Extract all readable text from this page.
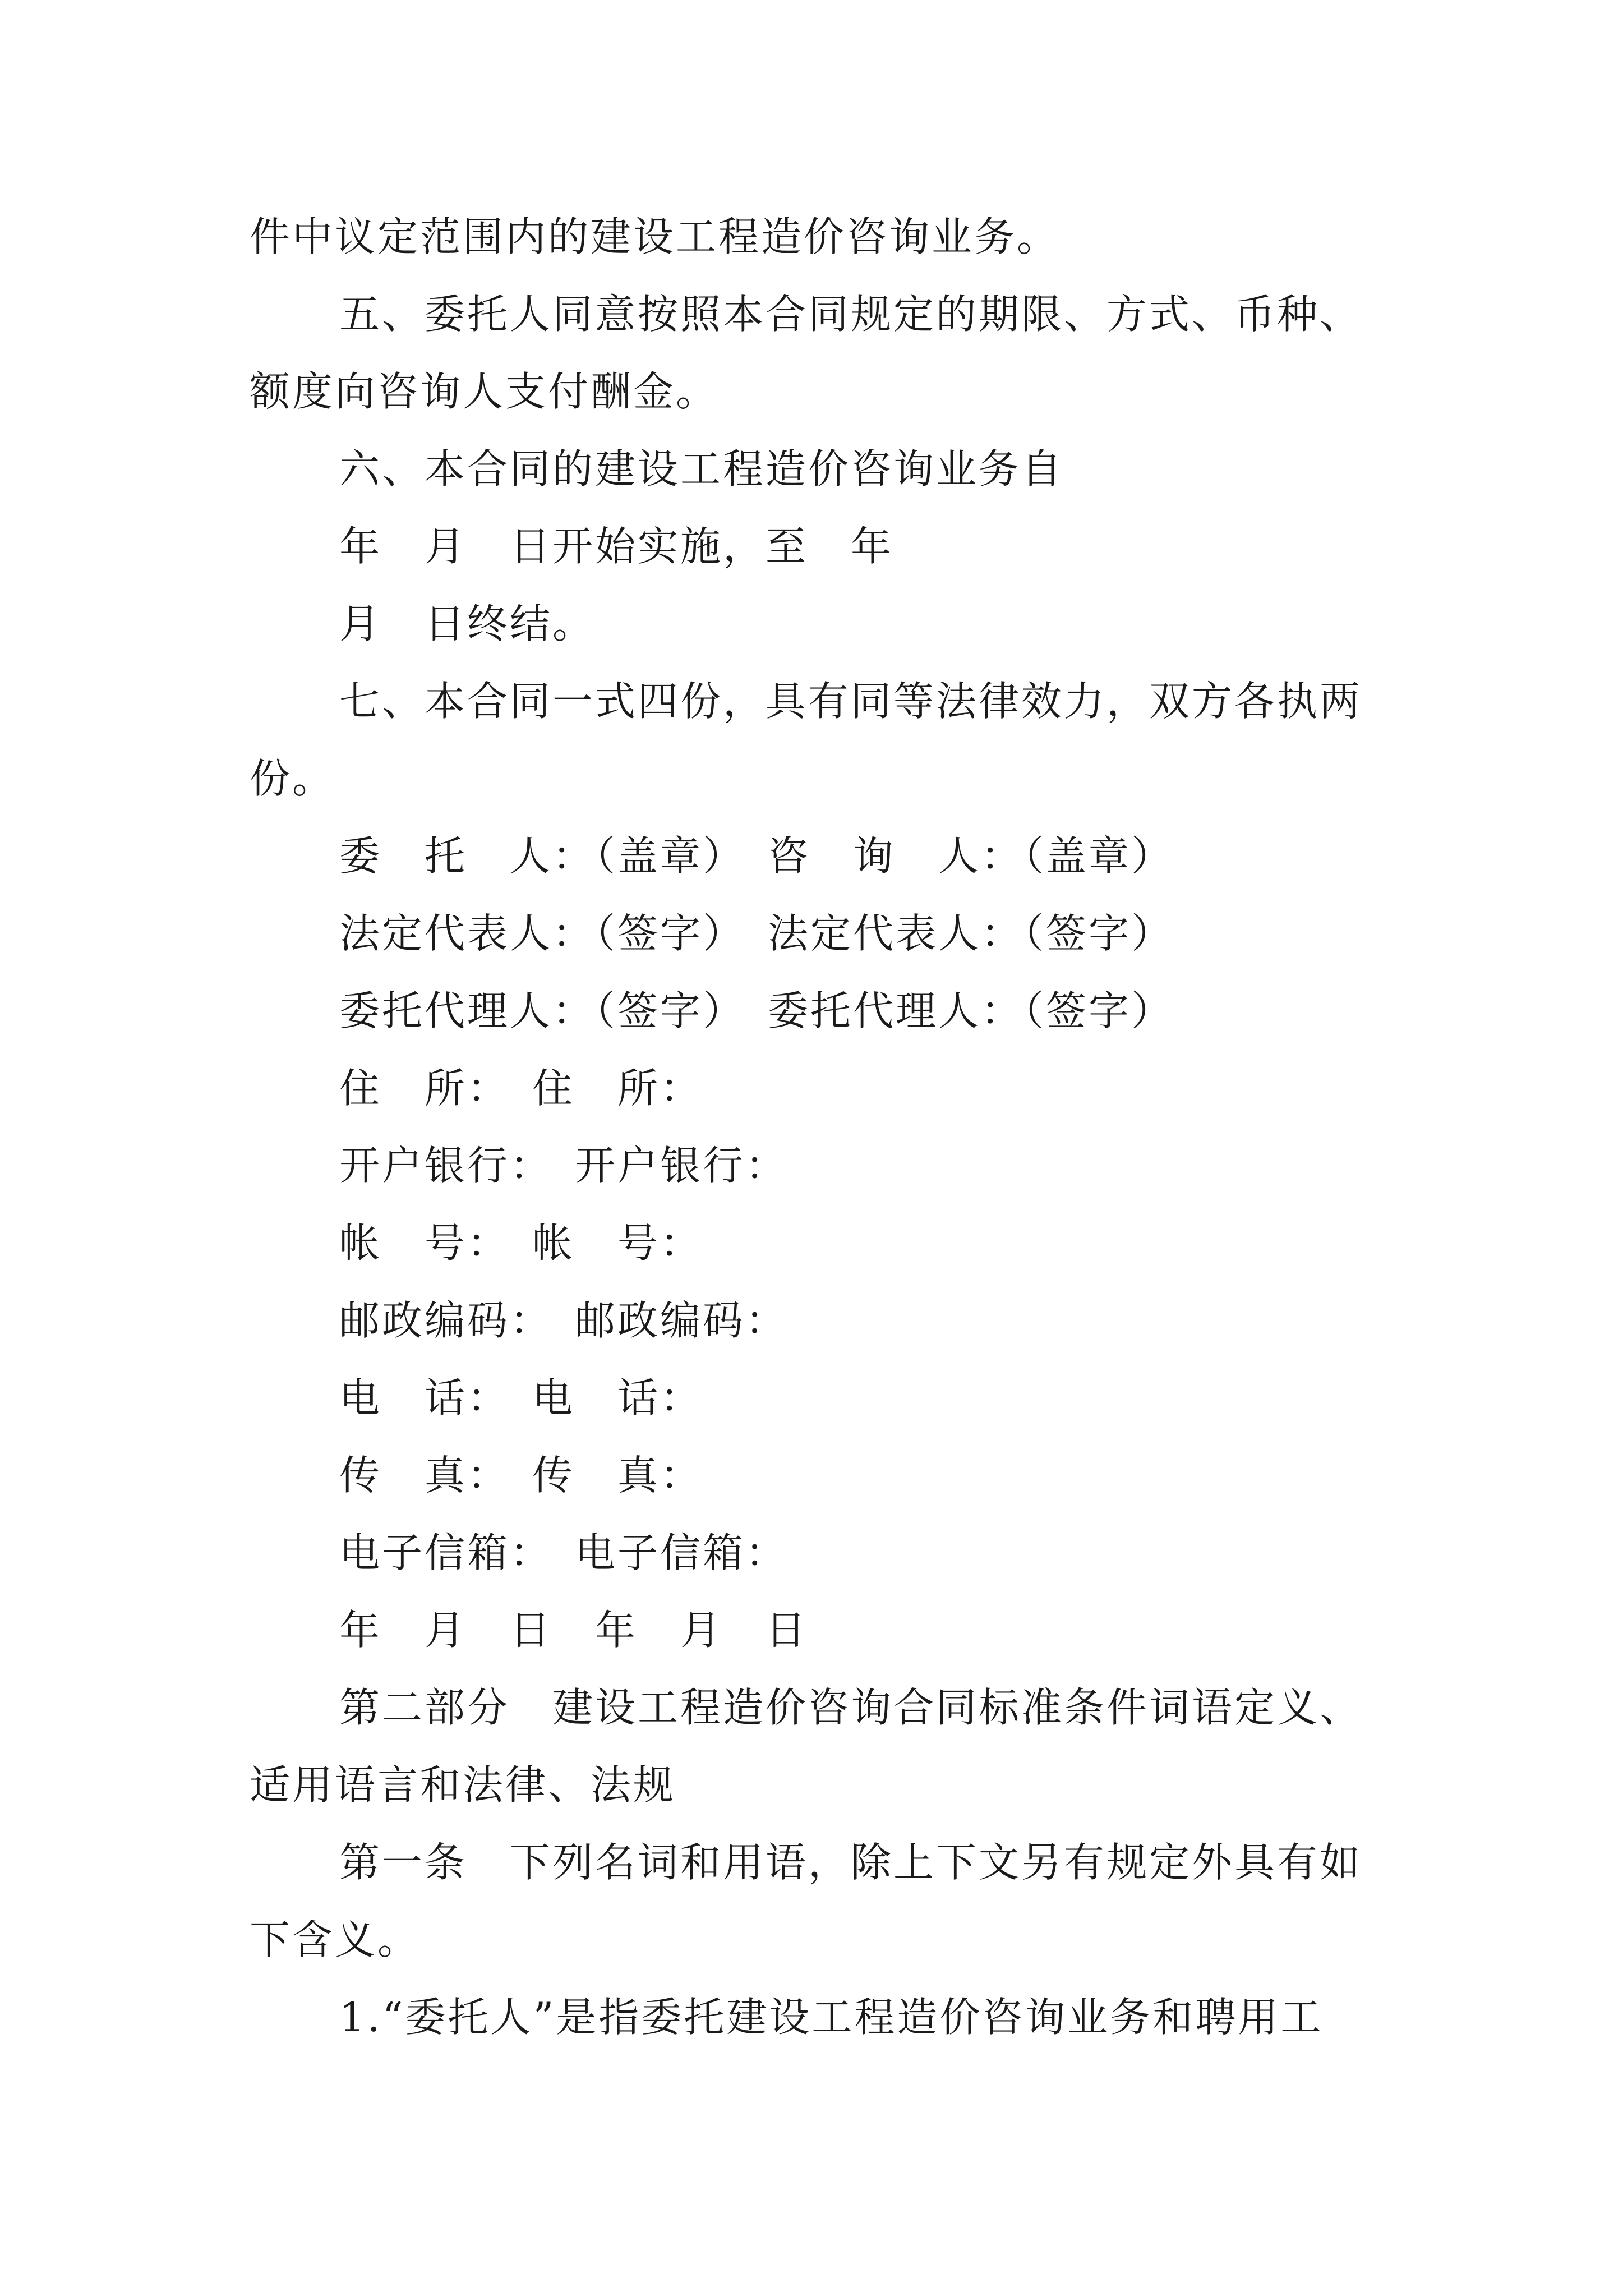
件中议定范围内的建设工程造价咨询业务。
五、委托人同意按照本合同规定的期限、方式、币种、
额度向咨询人支付酬金。
六、本合同的建设工程造价咨询业务自
年　月　日开始实施，至　年
月　日终结。
七、本合同一式四份，具有同等法律效力，双方各执两
份。
委　托　人：（盖章）　咨　询　人：（盖章）
法定代表人：（签字）　法定代表人：（签字）
委托代理人：（签字）　委托代理人：（签字）
住　所：　住　所：
开户银行：　开户银行：
帐　号：　帐　号：
邮政编码：　邮政编码：
电　话：　电　话：
传　真：　传　真：
电子信箱：　电子信箱：
年　月　日　年　月　日
第二部分　建设工程造价咨询合同标准条件词语定义、
适用语言和法律、法规
第一条　下列名词和用语，除上下文另有规定外具有如
下含义。
1.“委托人”是指委托建设工程造价咨询业务和聘用工
